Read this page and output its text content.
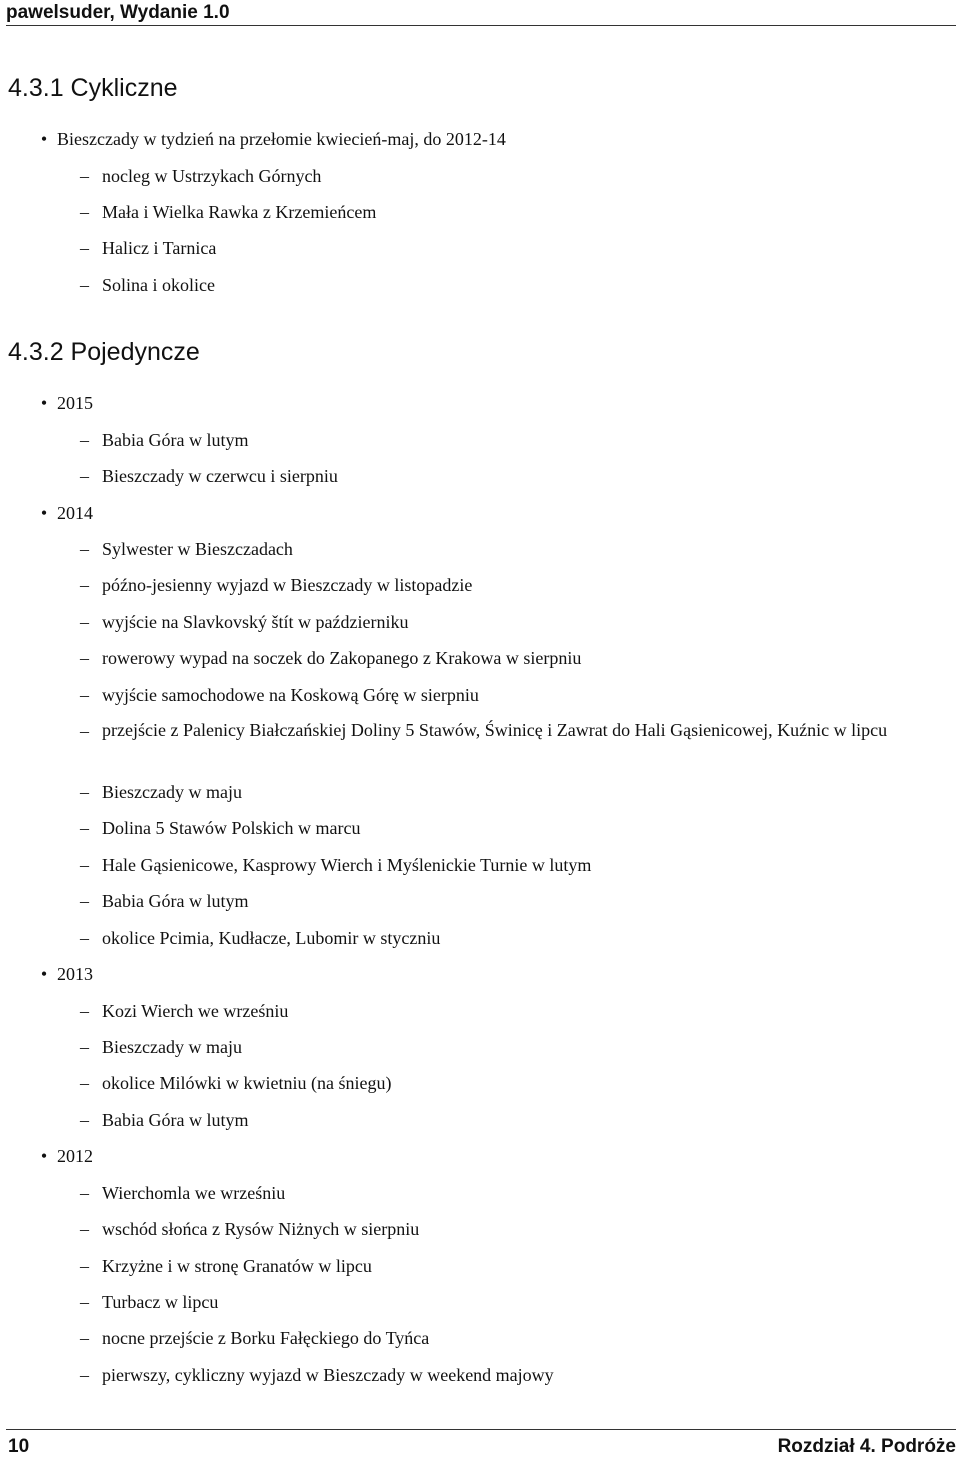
pawelsuder, Wydanie 1.0
4.3.1 Cykliczne
• Bieszczady w tydzień na przełomie kwiecień-maj, do 2012-14
– nocleg w Ustrzykach Górnych
– Mała i Wielka Rawka z Krzemieńcem
– Halicz i Tarnica
– Solina i okolice
4.3.2 Pojedyncze
• 2015
– Babia Góra w lutym
– Bieszczady w czerwcu i sierpniu
• 2014
– Sylwester w Bieszczadach
– późno-jesienny wyjazd w Bieszczady w listopadzie
– wyjście na Slavkovský štít w październiku
– rowerowy wypad na soczek do Zakopanego z Krakowa w sierpniu
– wyjście samochodowe na Koskową Górę w sierpniu
– przejście z Palenicy Białczańskiej Doliny 5 Stawów, Świnicę i Zawrat do Hali Gąsienicowej, Kuźnic w lipcu
– Bieszczady w maju
– Dolina 5 Stawów Polskich w marcu
– Hale Gąsienicowe, Kasprowy Wierch i Myślenickie Turnie w lutym
– Babia Góra w lutym
– okolice Pcimia, Kudłacze, Lubomir w styczniu
• 2013
– Kozi Wierch we wrześniu
– Bieszczady w maju
– okolice Milówki w kwietniu (na śniegu)
– Babia Góra w lutym
• 2012
– Wierchomla we wrześniu
– wschód słońca z Rysów Niżnych w sierpniu
– Krzyżne i w stronę Granatów w lipcu
– Turbacz w lipcu
– nocne przejście z Borku Fałęckiego do Tyńca
– pierwszy, cykliczny wyjazd w Bieszczady w weekend majowy
10	Rozdział 4. Podróże
